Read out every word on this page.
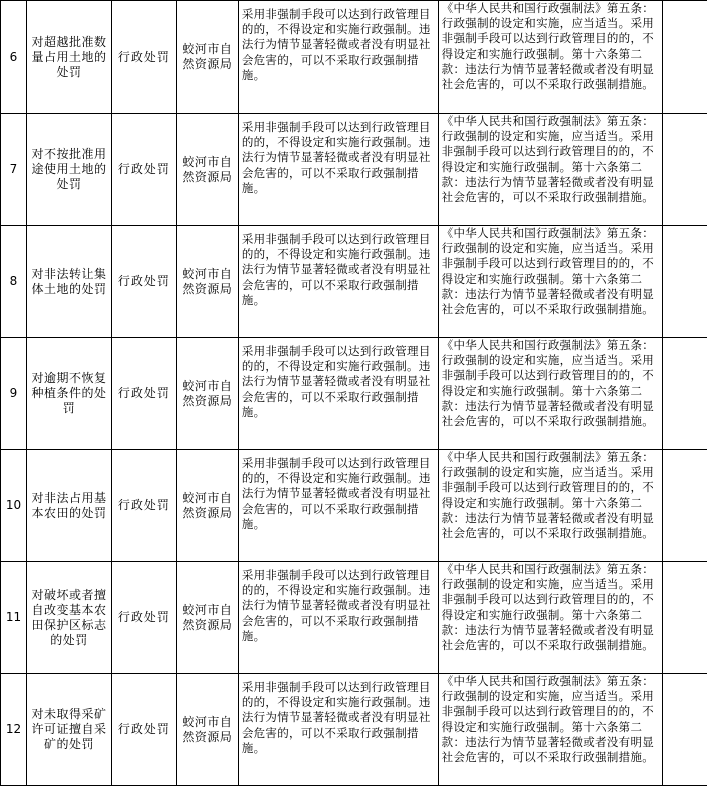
6	对超越批准数量占用土地的处罚	行政处罚	蛟河市自然资源局	采用非强制手段可以达到行政管理目的的，不得设定和实施行政强制。违法行为情节显著轻微或者没有明显社会危害的，可以不采取行政强制措施。	《中华人民共和国行政强制法》第五条：行政强制的设定和实施，应当适当。采用非强制手段可以达到行政管理目的的，不得设定和实施行政强制。第十六条第二款：违法行为情节显著轻微或者没有明显社会危害的，可以不采取行政强制措施。	
7	对不按批准用途使用土地的处罚	行政处罚	蛟河市自然资源局	采用非强制手段可以达到行政管理目的的，不得设定和实施行政强制。违法行为情节显著轻微或者没有明显社会危害的，可以不采取行政强制措施。	《中华人民共和国行政强制法》第五条：行政强制的设定和实施，应当适当。采用非强制手段可以达到行政管理目的的，不得设定和实施行政强制。第十六条第二款：违法行为情节显著轻微或者没有明显社会危害的，可以不采取行政强制措施。	
8	对非法转让集体土地的处罚	行政处罚	蛟河市自然资源局	采用非强制手段可以达到行政管理目的的，不得设定和实施行政强制。违法行为情节显著轻微或者没有明显社会危害的，可以不采取行政强制措施。	《中华人民共和国行政强制法》第五条：行政强制的设定和实施，应当适当。采用非强制手段可以达到行政管理目的的，不得设定和实施行政强制。第十六条第二款：违法行为情节显著轻微或者没有明显社会危害的，可以不采取行政强制措施。	
9	对逾期不恢复种植条件的处罚	行政处罚	蛟河市自然资源局	采用非强制手段可以达到行政管理目的的，不得设定和实施行政强制。违法行为情节显著轻微或者没有明显社会危害的，可以不采取行政强制措施。	《中华人民共和国行政强制法》第五条：行政强制的设定和实施，应当适当。采用非强制手段可以达到行政管理目的的，不得设定和实施行政强制。第十六条第二款：违法行为情节显著轻微或者没有明显社会危害的，可以不采取行政强制措施。	
10	对非法占用基本农田的处罚	行政处罚	蛟河市自然资源局	采用非强制手段可以达到行政管理目的的，不得设定和实施行政强制。违法行为情节显著轻微或者没有明显社会危害的，可以不采取行政强制措施。	《中华人民共和国行政强制法》第五条：行政强制的设定和实施，应当适当。采用非强制手段可以达到行政管理目的的，不得设定和实施行政强制。第十六条第二款：违法行为情节显著轻微或者没有明显社会危害的，可以不采取行政强制措施。	
11	对破坏或者擅自改变基本农田保护区标志的处罚	行政处罚	蛟河市自然资源局	采用非强制手段可以达到行政管理目的的，不得设定和实施行政强制。违法行为情节显著轻微或者没有明显社会危害的，可以不采取行政强制措施。	《中华人民共和国行政强制法》第五条：行政强制的设定和实施，应当适当。采用非强制手段可以达到行政管理目的的，不得设定和实施行政强制。第十六条第二款：违法行为情节显著轻微或者没有明显社会危害的，可以不采取行政强制措施。	
12	对未取得采矿许可证擅自采矿的处罚	行政处罚	蛟河市自然资源局	采用非强制手段可以达到行政管理目的的，不得设定和实施行政强制。违法行为情节显著轻微或者没有明显社会危害的，可以不采取行政强制措施。	《中华人民共和国行政强制法》第五条：行政强制的设定和实施，应当适当。采用非强制手段可以达到行政管理目的的，不得设定和实施行政强制。第十六条第二款：违法行为情节显著轻微或者没有明显社会危害的，可以不采取行政强制措施。	
